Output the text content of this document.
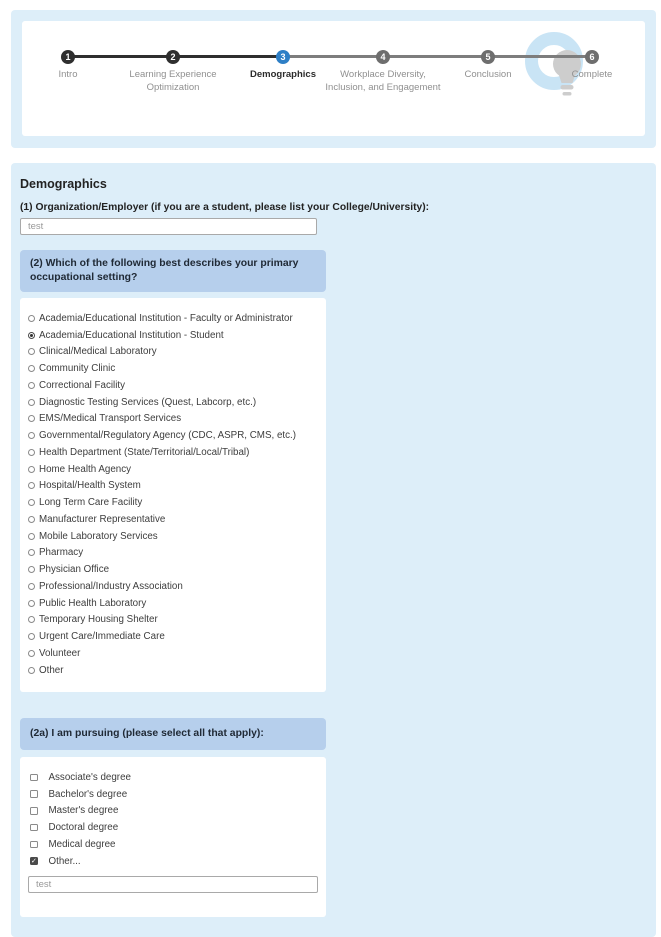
1
Intro
2
Learning Experience Optimization
3
Demographics
4
Workplace Diversity, Inclusion, and Engagement
5
Conclusion
6
Complete
Demographics
(1) Organization/Employer (if you are a student, please list your College/University):
test
(2) Which of the following best describes your primary occupational setting?
Academia/Educational Institution - Faculty or Administrator
Academia/Educational Institution - Student
Clinical/Medical Laboratory
Community Clinic
Correctional Facility
Diagnostic Testing Services (Quest, Labcorp, etc.)
EMS/Medical Transport Services
Governmental/Regulatory Agency (CDC, ASPR, CMS, etc.)
Health Department (State/Territorial/Local/Tribal)
Home Health Agency
Hospital/Health System
Long Term Care Facility
Manufacturer Representative
Mobile Laboratory Services
Pharmacy
Physician Office
Professional/Industry Association
Public Health Laboratory
Temporary Housing Shelter
Urgent Care/Immediate Care
Volunteer
Other
(2a) I am pursuing (please select all that apply):
Associate's degree
Bachelor's degree
Master's degree
Doctoral degree
Medical degree
✓ Other...
test
